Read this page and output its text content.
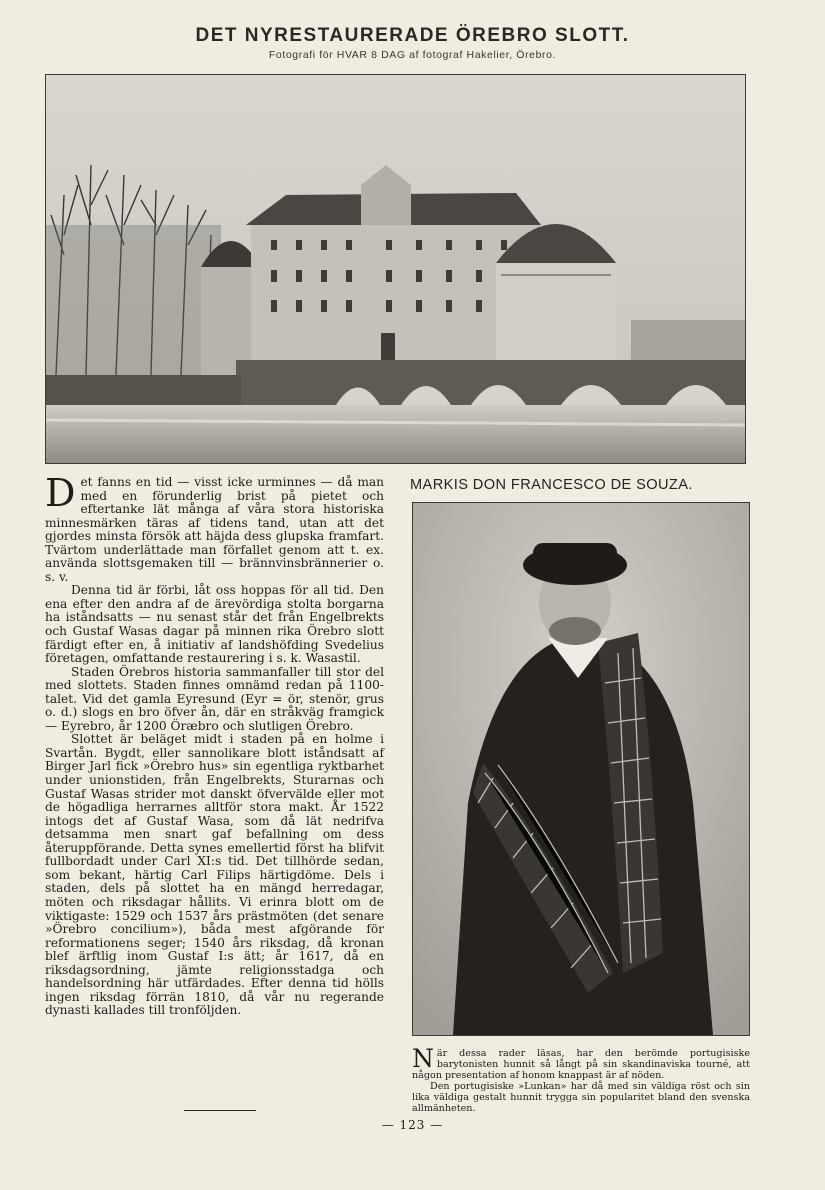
DET NYRESTAURERADE ÖREBRO SLOTT.
Fotografi för HVAR 8 DAG af fotograf Hakelier, Örebro.

Det fanns en tid — visst icke urminnes — då man med en förunderlig brist på pietet och eftertanke lät många af våra stora historiska minnesmärken täras af tidens tand, utan att det gjordes minsta försök att häjda dess glupska framfart. Tvärtom underlättade man förfallet genom att t. ex. använda slottsgemaken till — brännvinsbrännerier o. s. v.

Denna tid är förbi, låt oss hoppas för all tid. Den ena efter den andra af de ärevördiga stolta borgarna ha iståndsatts — nu senast står det från Engelbrekts och Gustaf Wasas dagar på minnen rika Örebro slott färdigt efter en, å initiativ af landshöfding Svedelius företagen, omfattande restaurering i s. k. Wasastil.

Staden Örebros historia sammanfaller till stor del med slottets. Staden finnes omnämd redan på 1100-talet. Vid det gamla Eyresund (Eyr = ör, stenör, grus o. d.) slogs en bro öfver ån, där en stråkväg framgick — Eyrebro, år 1200 Öræbro och slutligen Örebro.

Slottet är beläget midt i staden på en holme i Svartån. Bygdt, eller sannolikare blott iståndsatt af Birger Jarl fick »Örebro hus» sin egentliga ryktbarhet under unionstiden, från Engelbrekts, Sturarnas och Gustaf Wasas strider mot danskt öfvervälde eller mot de högadliga herrarnes alltför stora makt. År 1522 intogs det af Gustaf Wasa, som då lät nedrifva detsamma men snart gaf befallning om dess återuppförande. Detta synes emellertid först ha blifvit fullbordadt under Carl XI:s tid. Det tillhörde sedan, som bekant, härtig Carl Filips härtigdöme. Dels i staden, dels på slottet ha en mängd herredagar, möten och riksdagar hållits. Vi erinra blott om de viktigaste: 1529 och 1537 års prästmöten (det senare »Örebro concilium»), båda mest afgörande för reformationens seger; 1540 års riksdag, då kronan blef ärftlig inom Gustaf I:s ätt; år 1617, då en riksdagsordning, jämte religionsstadga och handelsordning här utfärdades. Efter denna tid hölls ingen riksdag förrän 1810, då vår nu regerande dynasti kallades till tronföljden.

MARKIS DON FRANCESCO DE SOUZA.

När dessa rader läsas, har den berömde portugisiske barytonisten hunnit så långt på sin skandinaviska tourné, att någon presentation af honom knappast är af nöden.

Den portugisiske »Lunkan» har då med sin väldiga röst och sin lika väldiga gestalt hunnit trygga sin popularitet bland den svenska allmänheten.

— 123 —
